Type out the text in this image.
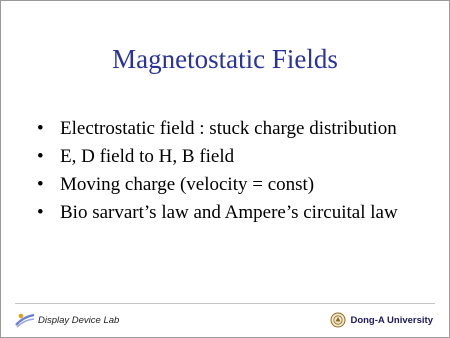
Magnetostatic Fields
• Electrostatic field : stuck charge distribution
• E, D field to H, B field
• Moving charge (velocity = const)
• Bio sarvart’s law and Ampere’s circuital law
Display Device Lab	Dong-A University
